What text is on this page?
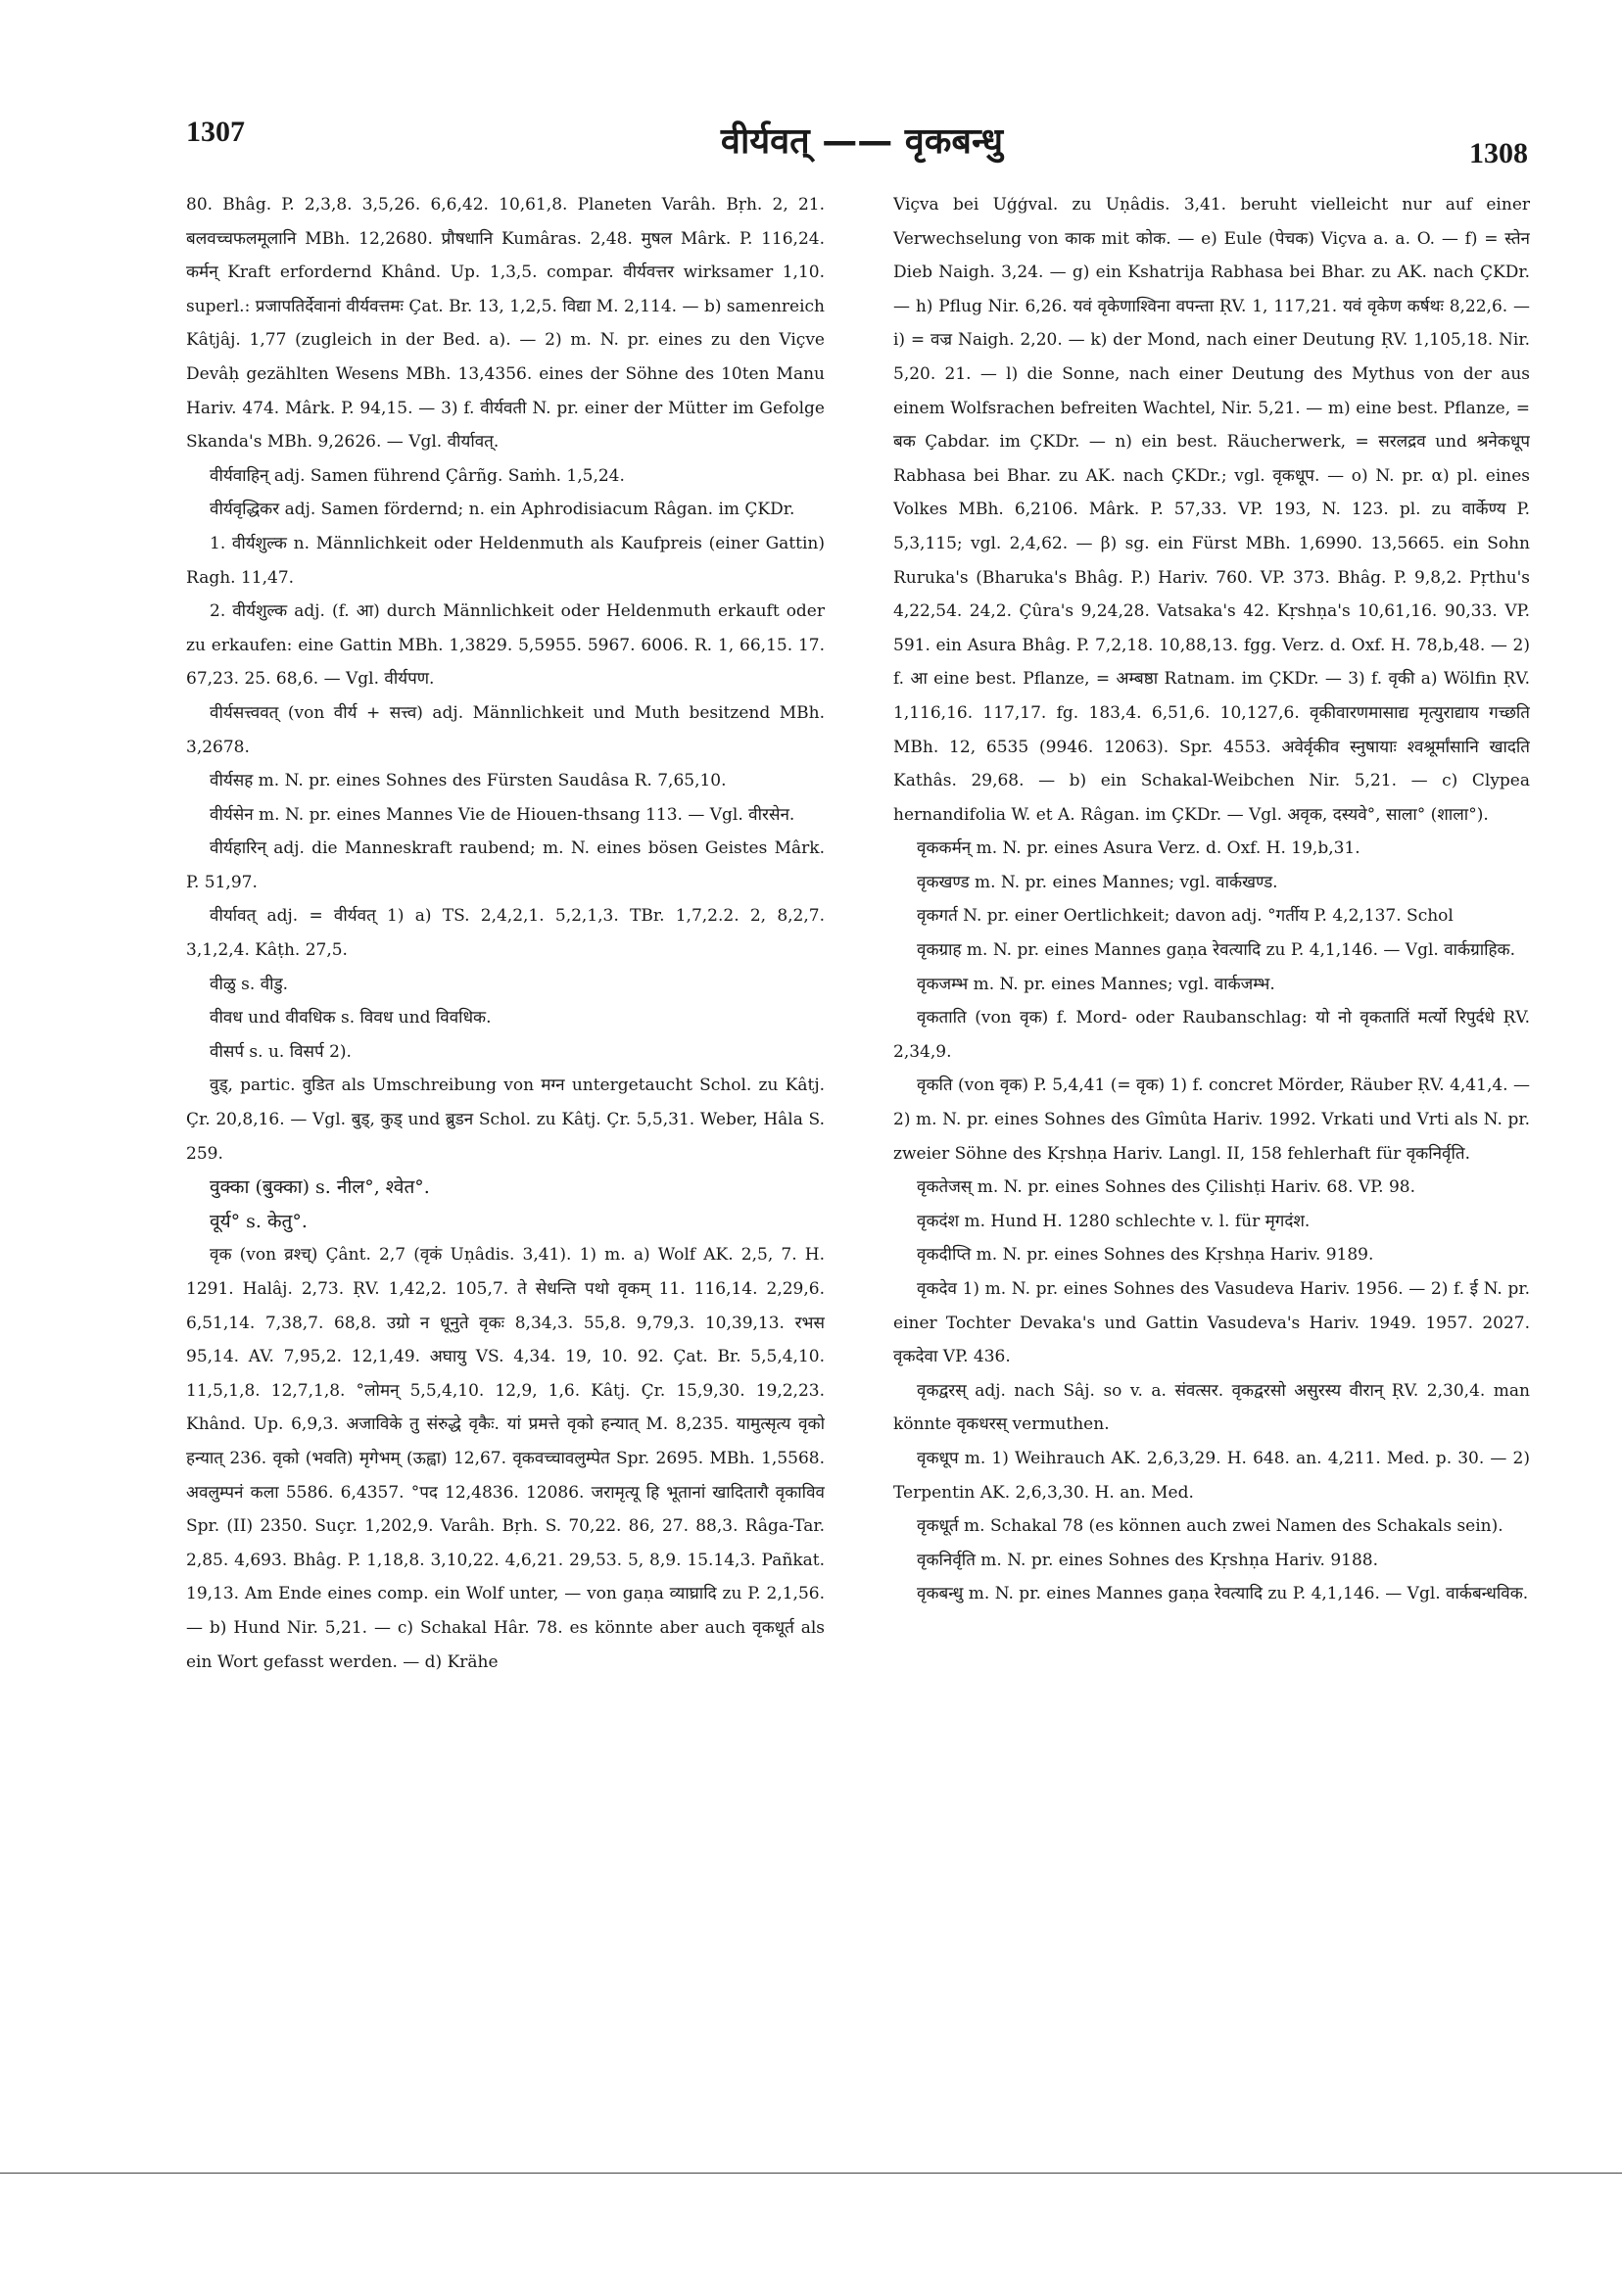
1307	वीर्यवत् —— वृकबन्धु	1308

80. Bhâg. P. 2,3,8. 3,5,26. 6,6,42. 10,61,8. Planeten Varâh. Bṛh. 2, 21. बलवच्चफलमूलानि MBh. 12,2680. प्रौषधानि Kumâras. 2,48. मुषल Mârk. P. 116,24. कर्मन् Kraft erfordernd Khând. Up. 1,3,5. compar. वीर्यवत्तर wirksamer 1,10. superl.: प्रजापतिर्देवानां वीर्यवत्तमः Çat. Br. 13, 1,2,5. विद्या M. 2,114. — b) samenreich Kâtjâj. 1,77 (zugleich in der Bed. a). — 2) m. N. pr. eines zu den Viçve Devâḥ gezählten Wesens MBh. 13,4356. eines der Söhne des 10ten Manu Hariv. 474. Mârk. P. 94,15. — 3) f. वीर्यवती N. pr. einer der Mütter im Gefolge Skanda's MBh. 9,2626. — Vgl. वीर्यावत्.

वीर्यवाहिन् adj. Samen führend Çârñg. Saṁh. 1,5,24.

वीर्यवृद्धिकर adj. Samen fördernd; n. ein Aphrodisiacum Râgan. im ÇKDr.

1. वीर्यशुल्क n. Männlichkeit oder Heldenmuth als Kaufpreis (einer Gattin) Ragh. 11,47.

2. वीर्यशुल्क adj. (f. आ) durch Männlichkeit oder Heldenmuth erkauft oder zu erkaufen: eine Gattin MBh. 1,3829. 5,5955. 5967. 6006. R. 1, 66,15. 17. 67,23. 25. 68,6. — Vgl. वीर्यपण.

वीर्यसत्त्ववत् (von वीर्य + सत्त्व) adj. Männlichkeit und Muth besitzend MBh. 3,2678.

वीर्यसह m. N. pr. eines Sohnes des Fürsten Saudâsa R. 7,65,10.

वीर्यसेन m. N. pr. eines Mannes Vie de Hiouen-thsang 113. — Vgl. वीरसेन.

वीर्यहारिन् adj. die Manneskraft raubend; m. N. eines bösen Geistes Mârk. P. 51,97.

वीर्यावत् adj. = वीर्यवत् 1) a) TS. 2,4,2,1. 5,2,1,3. TBr. 1,7,2.2. 2, 8,2,7. 3,1,2,4. Kâṭh. 27,5.

वीळु s. वीडु.

वीवध und वीवधिक s. विवध und विवधिक.

वीसर्प s. u. विसर्प 2).

वुड्, partic. वुडित als Umschreibung von मग्न untergetaucht Schol. zu Kâtj. Çr. 20,8,16. — Vgl. बुड्, कुड् und ब्रुडन Schol. zu Kâtj. Çr. 5,5,31. Weber, Hâla S. 259.

वुक्का (बुक्का) s. नील°, श्वेत°.

वूर्य° s. केतु°.

वृक (von व्रश्च्) Çânt. 2,7 (वृकं Uṇâdis. 3,41). 1) m. a) Wolf AK. 2,5, 7. H. 1291. Halâj. 2,73. ṚV. 1,42,2. 105,7. ते सेधन्ति पथो वृकम् 11. 116,14. 2,29,6. 6,51,14. 7,38,7. 68,8. उग्रो न धूनुते वृकः 8,34,3. 55,8. 9,79,3. 10,39,13. रभस 95,14. AV. 7,95,2. 12,1,49. अघायु VS. 4,34. 19, 10. 92. Çat. Br. 5,5,4,10. 11,5,1,8. 12,7,1,8. °लोमन् 5,5,4,10. 12,9, 1,6. Kâtj. Çr. 15,9,30. 19,2,23. Khând. Up. 6,9,3. अजाविके तु संरुद्धे वृकैः. यां प्रमत्ते वृको हन्यात् M. 8,235. यामुत्सृत्य वृको हन्यात् 236. वृको (भवति) मृगेभम् (ऊह्वा) 12,67. वृकवच्चावलुम्पेत Spr. 2695. MBh. 1,5568. अवलुम्पनं कला 5586. 6,4357. °पद 12,4836. 12086. जरामृत्यू हि भूतानां खादितारौ वृकाविव Spr. (II) 2350. Suçr. 1,202,9. Varâh. Bṛh. S. 70,22. 86, 27. 88,3. Râga-Tar. 2,85. 4,693. Bhâg. P. 1,18,8. 3,10,22. 4,6,21. 29,53. 5, 8,9. 15.14,3. Pañkat. 19,13. Am Ende eines comp. ein Wolf unter, — von gaṇa व्याघ्रादि zu P. 2,1,56. — b) Hund Nir. 5,21. — c) Schakal Hâr. 78. es könnte aber auch वृकधूर्त als ein Wort gefasst werden. — d) Krähe

Viçva bei Uģģval. zu Uṇâdis. 3,41. beruht vielleicht nur auf einer Verwechselung von काक mit कोक. — e) Eule (पेचक) Viçva a. a. O. — f) = स्तेन Dieb Naigh. 3,24. — g) ein Kshatrija Rabhasa bei Bhar. zu AK. nach ÇKDr. — h) Pflug Nir. 6,26. यवं वृकेणाश्विना वपन्ता ṚV. 1, 117,21. यवं वृकेण कर्षथः 8,22,6. — i) = वज्र Naigh. 2,20. — k) der Mond, nach einer Deutung ṚV. 1,105,18. Nir. 5,20. 21. — l) die Sonne, nach einer Deutung des Mythus von der aus einem Wolfsrachen befreiten Wachtel, Nir. 5,21. — m) eine best. Pflanze, = बक Çabdar. im ÇKDr. — n) ein best. Räucherwerk, = सरलद्रव und श्रनेकधूप Rabhasa bei Bhar. zu AK. nach ÇKDr.; vgl. वृकधूप. — o) N. pr. α) pl. eines Volkes MBh. 6,2106. Mârk. P. 57,33. VP. 193, N. 123. pl. zu वार्केण्य P. 5,3,115; vgl. 2,4,62. — β) sg. ein Fürst MBh. 1,6990. 13,5665. ein Sohn Ruruka's (Bharuka's Bhâg. P.) Hariv. 760. VP. 373. Bhâg. P. 9,8,2. Pṛthu's 4,22,54. 24,2. Çûra's 9,24,28. Vatsaka's 42. Kṛshṇa's 10,61,16. 90,33. VP. 591. ein Asura Bhâg. P. 7,2,18. 10,88,13. fgg. Verz. d. Oxf. H. 78,b,48. — 2) f. आ eine best. Pflanze, = अम्बष्ठा Ratnam. im ÇKDr. — 3) f. वृकी a) Wölfin ṚV. 1,116,16. 117,17. fg. 183,4. 6,51,6. 10,127,6. वृकीवारणमासाद्य मृत्युराद्याय गच्छति MBh. 12, 6535 (9946. 12063). Spr. 4553. अवेर्वृकीव स्नुषायाः श्वश्रूर्मांसानि खादति Kathâs. 29,68. — b) ein Schakal-Weibchen Nir. 5,21. — c) Clypea hernandifolia W. et A. Râgan. im ÇKDr. — Vgl. अवृक, दस्यवे°, साला° (शाला°).

वृककर्मन् m. N. pr. eines Asura Verz. d. Oxf. H. 19,b,31.

वृकखण्ड m. N. pr. eines Mannes; vgl. वार्कखण्ड.

वृकगर्त N. pr. einer Oertlichkeit; davon adj. °गर्तीय P. 4,2,137. Schol

वृकग्राह m. N. pr. eines Mannes gaṇa रेवत्यादि zu P. 4,1,146. — Vgl. वार्कग्राहिक.

वृकजम्भ m. N. pr. eines Mannes; vgl. वार्कजम्भ.

वृकताति (von वृक) f. Mord- oder Raubanschlag: यो नो वृकतातिं मर्त्यो रिपुर्दधे ṚV. 2,34,9.

वृकति (von वृक) P. 5,4,41 (= वृक) 1) f. concret Mörder, Räuber ṚV. 4,41,4. — 2) m. N. pr. eines Sohnes des Gîmûta Hariv. 1992. Vrkati und Vrti als N. pr. zweier Söhne des Kṛshṇa Hariv. Langl. II, 158 fehlerhaft für वृकनिर्वृति.

वृकतेजस् m. N. pr. eines Sohnes des Çilishṭi Hariv. 68. VP. 98.

वृकदंश m. Hund H. 1280 schlechte v. l. für मृगदंश.

वृकदीप्ति m. N. pr. eines Sohnes des Kṛshṇa Hariv. 9189.

वृकदेव 1) m. N. pr. eines Sohnes des Vasudeva Hariv. 1956. — 2) f. ई N. pr. einer Tochter Devaka's und Gattin Vasudeva's Hariv. 1949. 1957. 2027. वृकदेवा VP. 436.

वृकद्वरस् adj. nach Sâj. so v. a. संवत्सर. वृकद्वरसो असुरस्य वीरान् ṚV. 2,30,4. man könnte वृकधरस् vermuthen.

वृकधूप m. 1) Weihrauch AK. 2,6,3,29. H. 648. an. 4,211. Med. p. 30. — 2) Terpentin AK. 2,6,3,30. H. an. Med.

वृकधूर्त m. Schakal 78 (es können auch zwei Namen des Schakals sein).

वृकनिर्वृति m. N. pr. eines Sohnes des Kṛshṇa Hariv. 9188.

वृकबन्धु m. N. pr. eines Mannes gaṇa रेवत्यादि zu P. 4,1,146. — Vgl. वार्कबन्धविक.
